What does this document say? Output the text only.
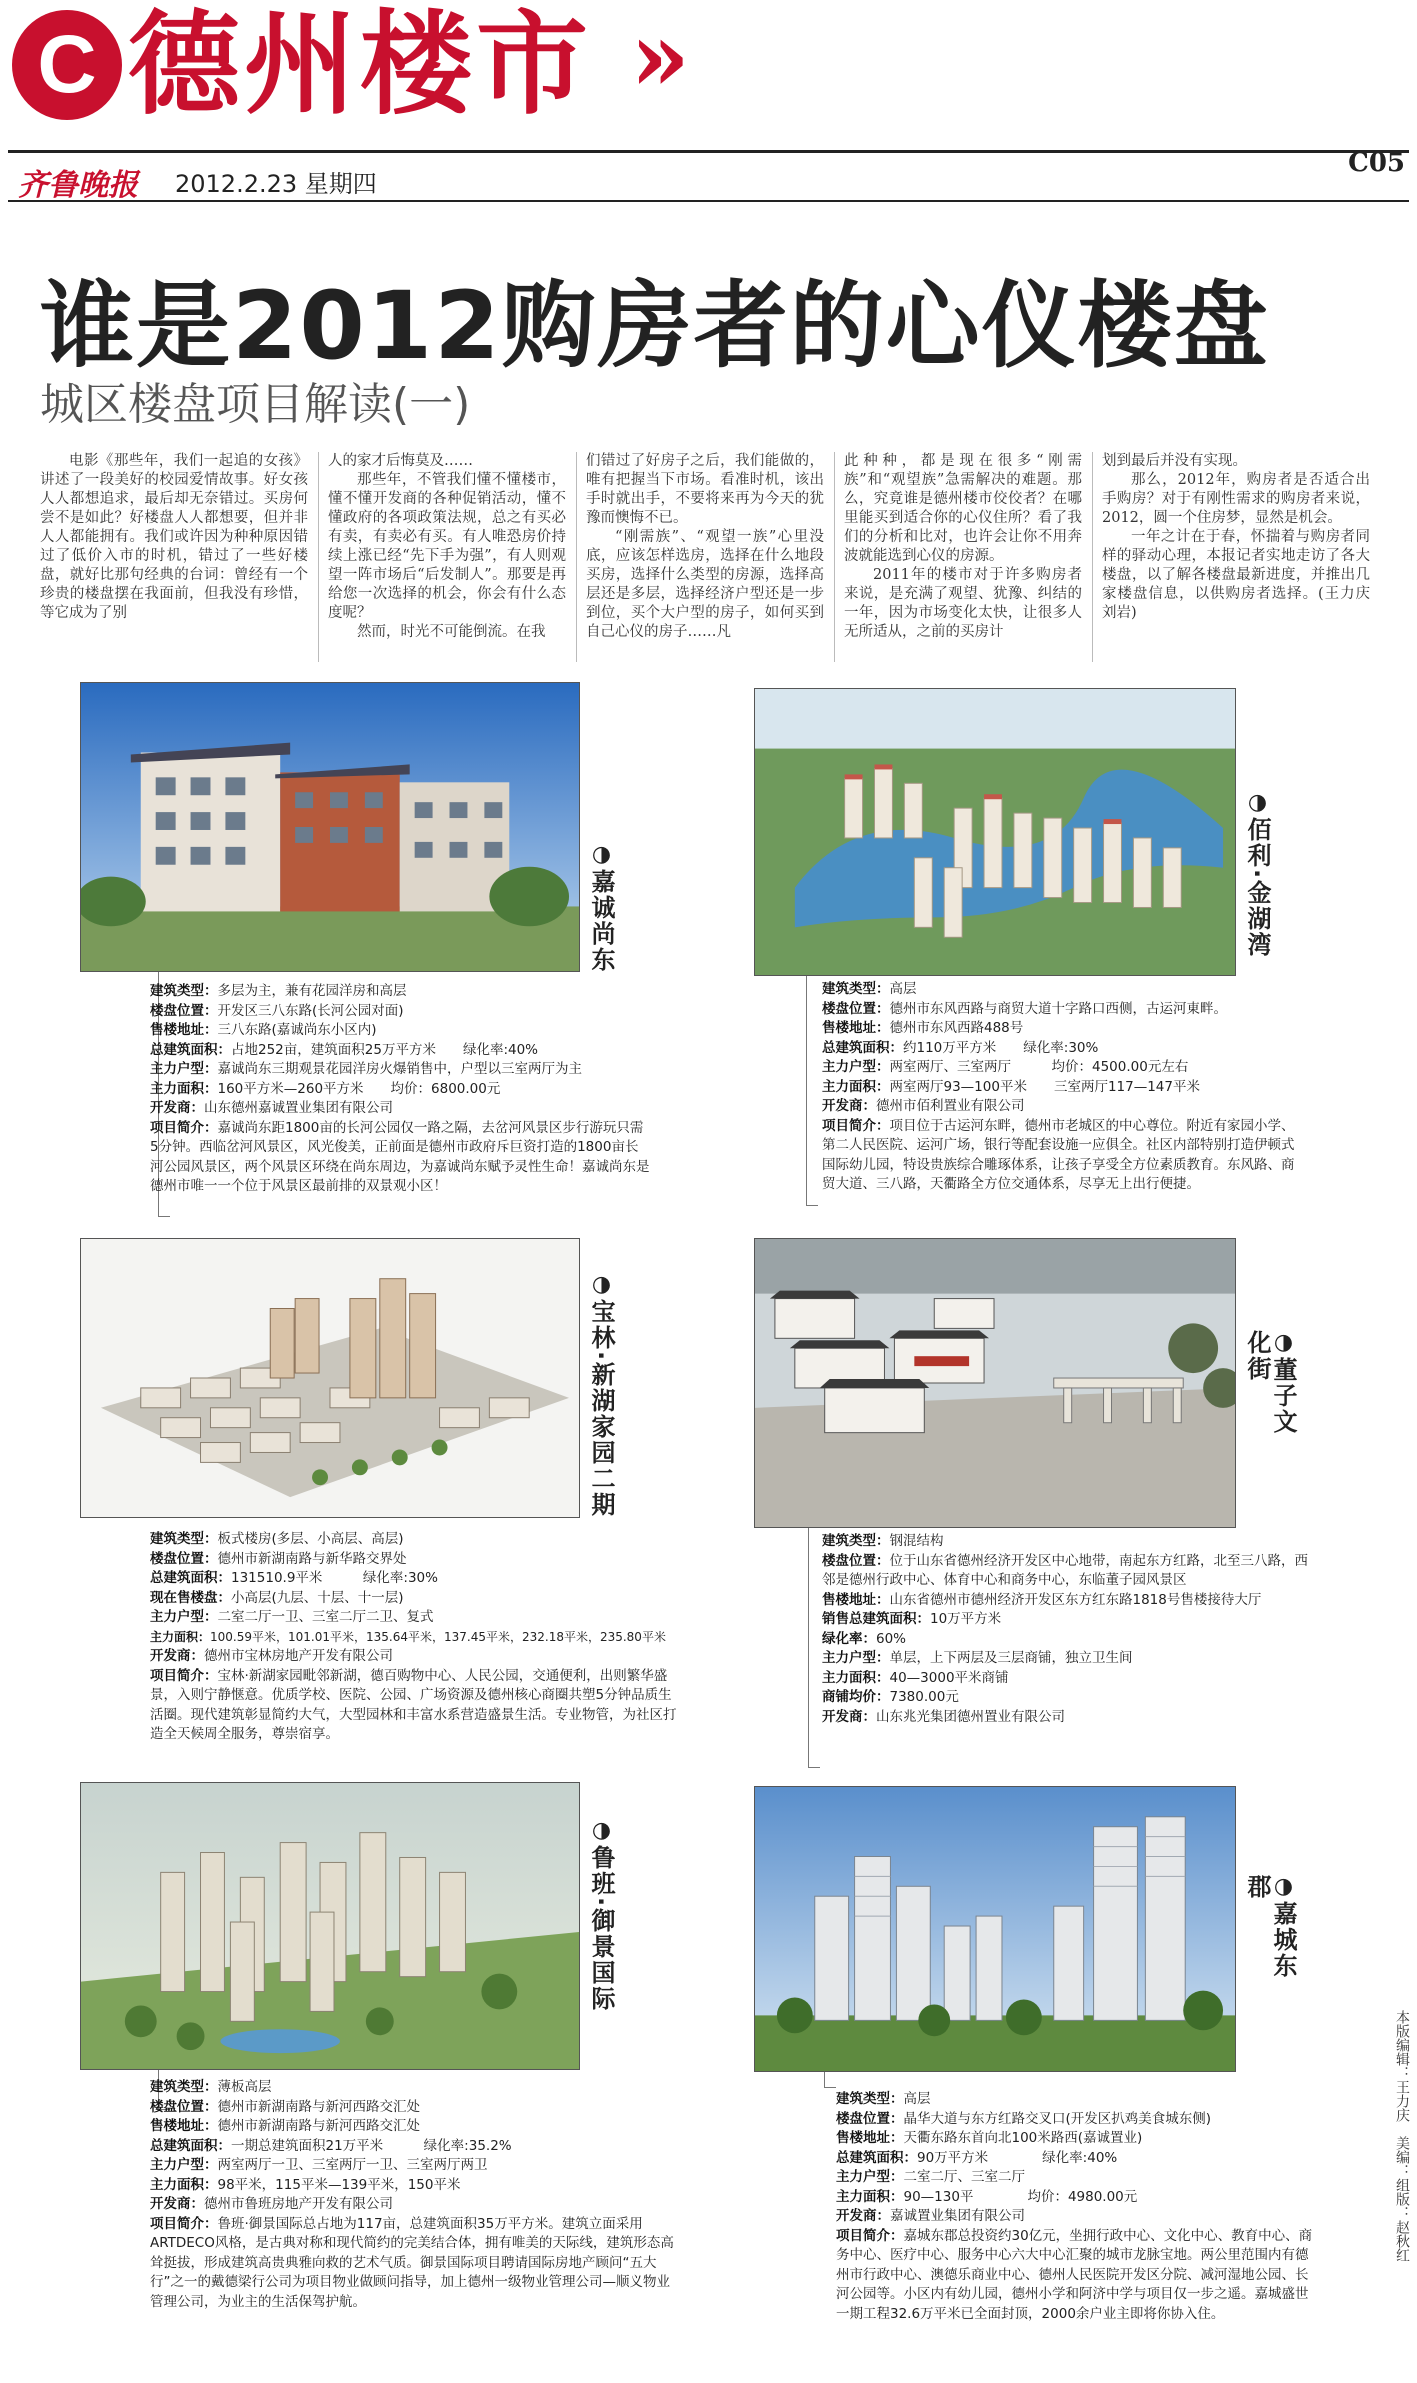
C 德州楼市 »
齐鲁晚报 2012.2.23 星期四
C05
谁是2012购房者的心仪楼盘
城区楼盘项目解读(一)

电影《那些年，我们一起追的女孩》讲述了一段美好的校园爱情故事。好女孩人人都想追求，最后却无奈错过。买房何尝不是如此？好楼盘人人都想要，但并非人人都能拥有。我们或许因为种种原因错过了低价入市的时机，错过了一些好楼盘，就好比那句经典的台词：曾经有一个珍贵的楼盘摆在我面前，但我没有珍惜，等它成为了别

人的家才后悔莫及……

那些年，不管我们懂不懂楼市，懂不懂开发商的各种促销活动，懂不懂政府的各项政策法规，总之有买必有卖，有卖必有买。有人唯恐房价持续上涨已经“先下手为强”，有人则观望一阵市场后“后发制人”。那要是再给您一次选择的机会，你会有什么态度呢？

然而，时光不可能倒流。在我

们错过了好房子之后，我们能做的，唯有把握当下市场。看准时机，该出手时就出手，不要将来再为今天的犹豫而懊悔不已。

“刚需族”、“观望一族”心里没底，应该怎样选房，选择在什么地段买房，选择什么类型的房源，选择高层还是多层，选择经济户型还是一步到位，买个大户型的房子，如何买到自己心仪的房子……凡

此种种，都是现在很多“刚需族”和“观望族”急需解决的难题。那么，究竟谁是德州楼市佼佼者？在哪里能买到适合你的心仪住所？看了我们的分析和比对，也许会让你不用奔波就能选到心仪的房源。

2011年的楼市对于许多购房者来说，是充满了观望、犹豫、纠结的一年，因为市场变化太快，让很多人无所适从，之前的买房计

划到最后并没有实现。

那么，2012年，购房者是否适合出手购房？对于有刚性需求的购房者来说，2012，圆一个住房梦，显然是机会。

一年之计在于春，怀揣着与购房者同样的驿动心理，本报记者实地走访了各大楼盘，以了解各楼盘最新进度，并推出几家楼盘信息，以供购房者选择。(王力庆 刘岩)

◑嘉诚尚东
建筑类型：多层为主，兼有花园洋房和高层
楼盘位置：开发区三八东路(长河公园对面)
售楼地址：三八东路(嘉诚尚东小区内)
总建筑面积：占地252亩，建筑面积25万平方米　　绿化率:40%
主力户型：嘉诚尚东三期观景花园洋房火爆销售中，户型以三室两厅为主
主力面积：160平方米—260平方米　　均价：6800.00元
开发商：山东德州嘉诚置业集团有限公司
项目简介：嘉诚尚东距1800亩的长河公园仅一路之隔，去岔河风景区步行游玩只需5分钟。西临岔河风景区，风光俊美，正前面是德州市政府斥巨资打造的1800亩长河公园风景区，两个风景区环绕在尚东周边，为嘉诚尚东赋予灵性生命！嘉诚尚东是德州市唯一一个位于风景区最前排的双景观小区！
◑佰利·金湖湾
建筑类型：高层
楼盘位置：德州市东风西路与商贸大道十字路口西侧，古运河東畔。
售楼地址：德州市东风西路488号
总建筑面积：约110万平方米　　绿化率:30%
主力户型：两室两厅、三室两厅　　　均价：4500.00元左右
主力面积：两室两厅93—100平米　　三室两厅117—147平米
开发商：德州市佰利置业有限公司
项目简介：项目位于古运河东畔，德州市老城区的中心尊位。附近有家园小学、第二人民医院、运河广场，银行等配套设施一应俱全。社区内部特别打造伊顿式国际幼儿园，特设贵族综合雕琢体系，让孩子享受全方位素质教育。东风路、商贸大道、三八路，天衢路全方位交通体系，尽享无上出行便捷。
◑宝林·新湖家园二期
建筑类型：板式楼房(多层、小高层、高层)
楼盘位置：德州市新湖南路与新华路交界处
总建筑面积：131510.9平米　　　绿化率:30%
现在售楼盘：小高层(九层、十层、十一层)
主力户型：二室二厅一卫、三室二厅二卫、复式
主力面积：100.59平米，101.01平米，135.64平米，137.45平米，232.18平米，235.80平米
开发商：德州市宝林房地产开发有限公司
项目简介：宝林·新湖家园毗邻新湖，德百购物中心、人民公园，交通便利，出则繁华盛景，入则宁静惬意。优质学校、医院、公园、广场资源及德州核心商圈共塑5分钟品质生活圈。现代建筑彰显简约大气，大型园林和丰富水系营造盛景生活。专业物管，为社区打造全天候周全服务，尊崇宿享。
◑董子文化街
建筑类型：钢混结构
楼盘位置：位于山东省德州经济开发区中心地带，南起东方红路，北至三八路，西邻是德州行政中心、体育中心和商务中心，东临董子园风景区
售楼地址：山东省德州市德州经济开发区东方红东路1818号售楼接待大厅
销售总建筑面积：10万平方米
绿化率：60%
主力户型：单层，上下两层及三层商铺，独立卫生间
主力面积：40—3000平米商铺
商铺均价：7380.00元
开发商：山东兆光集团德州置业有限公司
◑鲁班·御景国际
建筑类型：薄板高层
楼盘位置：德州市新湖南路与新河西路交汇处
售楼地址：德州市新湖南路与新河西路交汇处
总建筑面积：一期总建筑面积21万平米　　　绿化率:35.2%
主力户型：两室两厅一卫、三室两厅一卫、三室两厅两卫
主力面积：98平米，115平米—139平米，150平米
开发商：德州市鲁班房地产开发有限公司
项目简介：鲁班·御景国际总占地为117亩，总建筑面积35万平方米。建筑立面采用ARTDECO风格，是古典对称和现代简约的完美结合体，拥有唯美的天际线，建筑形态高耸挺拔，形成建筑高贵典雅向救的艺术气质。御景国际项目聘请国际房地产顾问“五大行”之一的戴德梁行公司为项目物业做顾问指导，加上德州一级物业管理公司—顺义物业管理公司，为业主的生活保驾护航。
◑嘉城东郡
建筑类型：高层
楼盘位置：晶华大道与东方红路交叉口(开发区扒鸡美食城东侧)
售楼地址：天衢东路东首向北100米路西(嘉诚置业)
总建筑面积：90万平方米　　　　绿化率:40%
主力户型：二室二厅、三室二厅
主力面积：90—130平　　　　均价：4980.00元
开发商：嘉诚置业集团有限公司
项目简介：嘉城东郡总投资约30亿元，坐拥行政中心、文化中心、教育中心、商务中心、医疗中心、服务中心六大中心汇聚的城市龙脉宝地。两公里范围内有德州市行政中心、澳德乐商业中心、德州人民医院开发区分院、减河湿地公园、长河公园等。小区内有幼儿园，德州小学和阿济中学与项目仅一步之遥。嘉城盛世一期工程32.6万平米已全面封顶，2000余户业主即将你协入住。
本版编辑：王力庆　美编：组版：赵秋红
